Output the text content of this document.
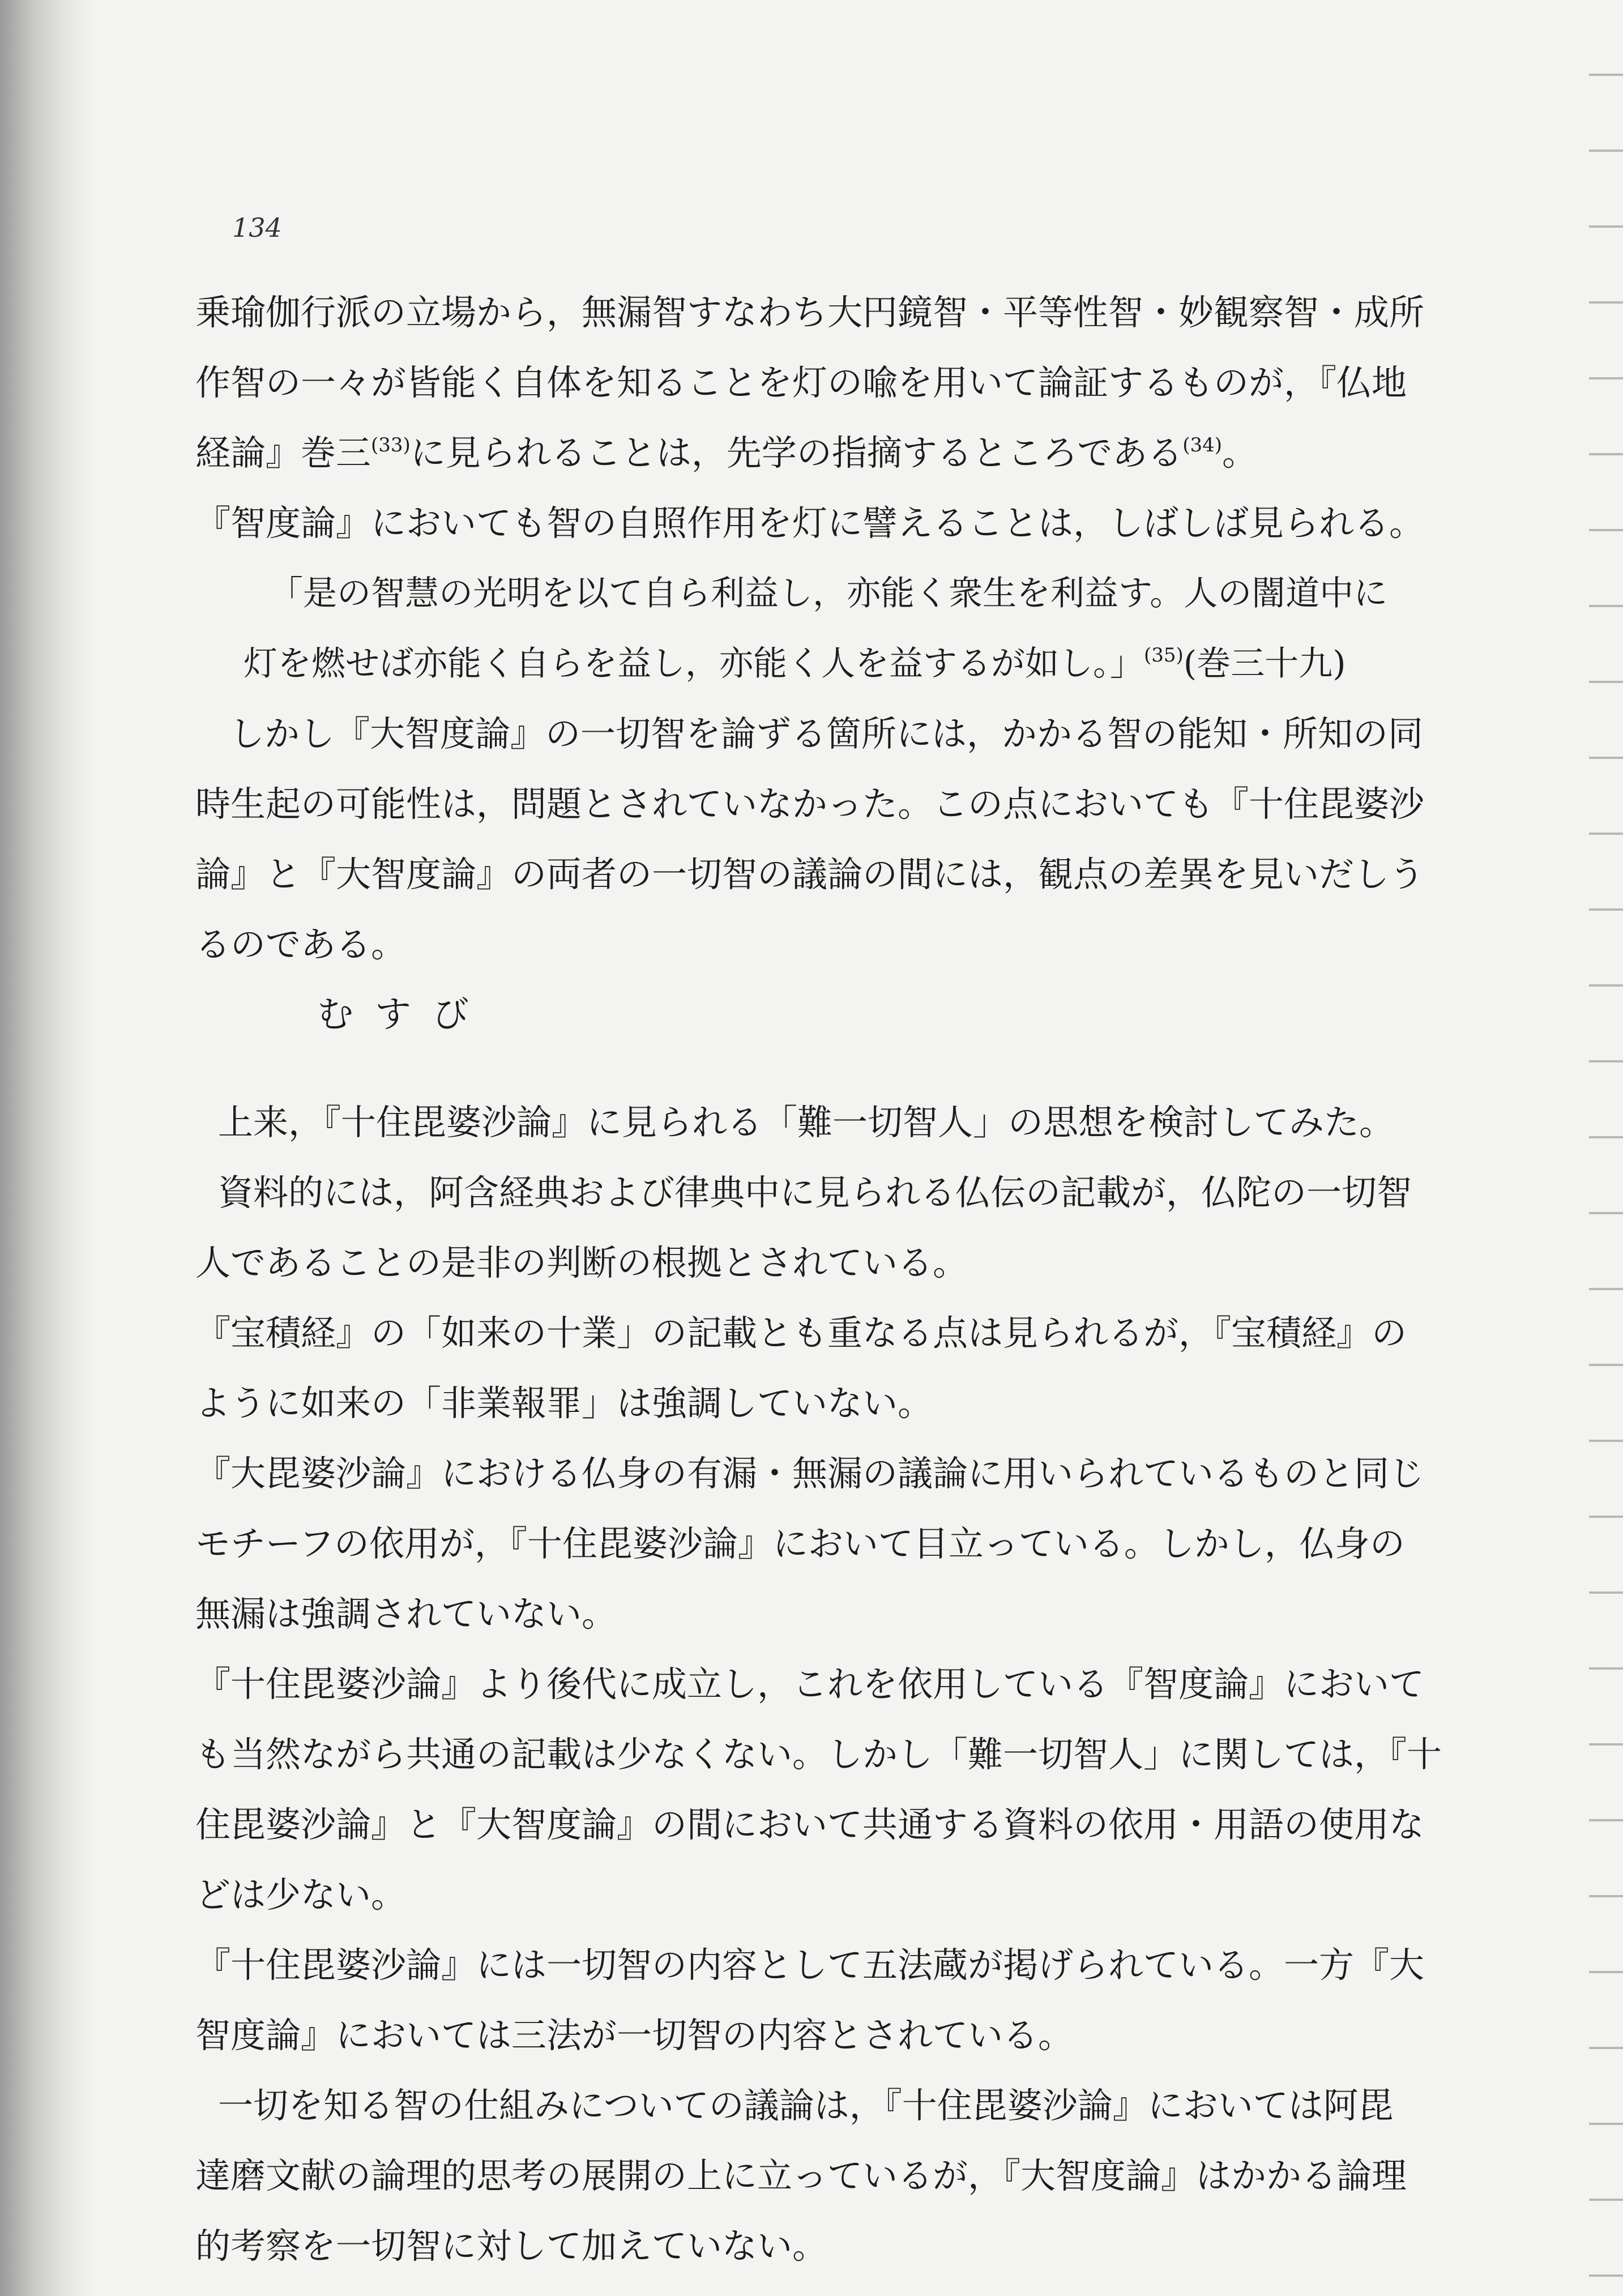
134
乗瑜伽行派の立場から，無漏智すなわち大円鏡智・平等性智・妙観察智・成所
作智の一々が皆能く自体を知ることを灯の喩を用いて論証するものが，『仏地
経論』巻三$^{(33)}$に見られることは，先学の指摘するところである$^{(34)}$。
『智度論』においても智の自照作用を灯に譬えることは，しばしば見られる。
「是の智慧の光明を以て自ら利益し，亦能く衆生を利益す。人の闇道中に
灯を燃せば亦能く自らを益し，亦能く人を益するが如し。」$^{(35)}$(巻三十九)
しかし『大智度論』の一切智を論ずる箇所には，かかる智の能知・所知の同
時生起の可能性は，問題とされていなかった。この点においても『十住毘婆沙
論』と『大智度論』の両者の一切智の議論の間には，観点の差異を見いだしう
るのである。
むすび
上来，『十住毘婆沙論』に見られる「難一切智人」の思想を検討してみた。
資料的には，阿含経典および律典中に見られる仏伝の記載が，仏陀の一切智
人であることの是非の判断の根拠とされている。
『宝積経』の「如来の十業」の記載とも重なる点は見られるが，『宝積経』の
ように如来の「非業報罪」は強調していない。
『大毘婆沙論』における仏身の有漏・無漏の議論に用いられているものと同じ
モチーフの依用が，『十住毘婆沙論』において目立っている。しかし，仏身の
無漏は強調されていない。
『十住毘婆沙論』より後代に成立し，これを依用している『智度論』において
も当然ながら共通の記載は少なくない。しかし「難一切智人」に関しては，『十
住毘婆沙論』と『大智度論』の間において共通する資料の依用・用語の使用な
どは少ない。
『十住毘婆沙論』には一切智の内容として五法蔵が掲げられている。一方『大
智度論』においては三法が一切智の内容とされている。
一切を知る智の仕組みについての議論は，『十住毘婆沙論』においては阿毘
達磨文献の論理的思考の展開の上に立っているが，『大智度論』はかかる論理
的考察を一切智に対して加えていない。
